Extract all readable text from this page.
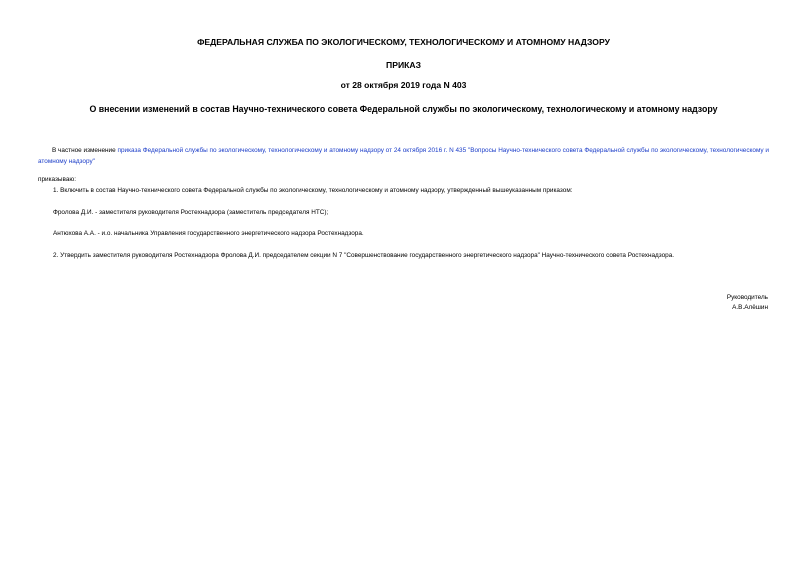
ФЕДЕРАЛЬНАЯ СЛУЖБА ПО ЭКОЛОГИЧЕСКОМУ, ТЕХНОЛОГИЧЕСКОМУ И АТОМНОМУ НАДЗОРУ
ПРИКАЗ
от 28 октября 2019 года N 403
О внесении изменений в состав Научно-технического совета Федеральной службы по экологическому, технологическому и атомному надзору
В частное изменение приказа Федеральной службы по экологическому, технологическому и атомному надзору от 24 октября 2016 г. N 435 "Вопросы Научно-технического совета Федеральной службы по экологическому, технологическому и атомному надзору"
приказываю:
1. Включить в состав Научно-технического совета Федеральной службы по экологическому, технологическому и атомному надзору, утвержденный вышеуказанным приказом:
Фролова Д.И. - заместителя руководителя Ростехнадзора (заместитель председателя НТС);
Антюхова А.А. - и.о. начальника Управления государственного энергетического надзора Ростехнадзора.
2. Утвердить заместителя руководителя Ростехнадзора Фролова Д.И. председателем секции N 7 "Совершенствование государственного энергетического надзора" Научно-технического совета Ростехнадзора.
Руководитель
А.В.Алёшин
